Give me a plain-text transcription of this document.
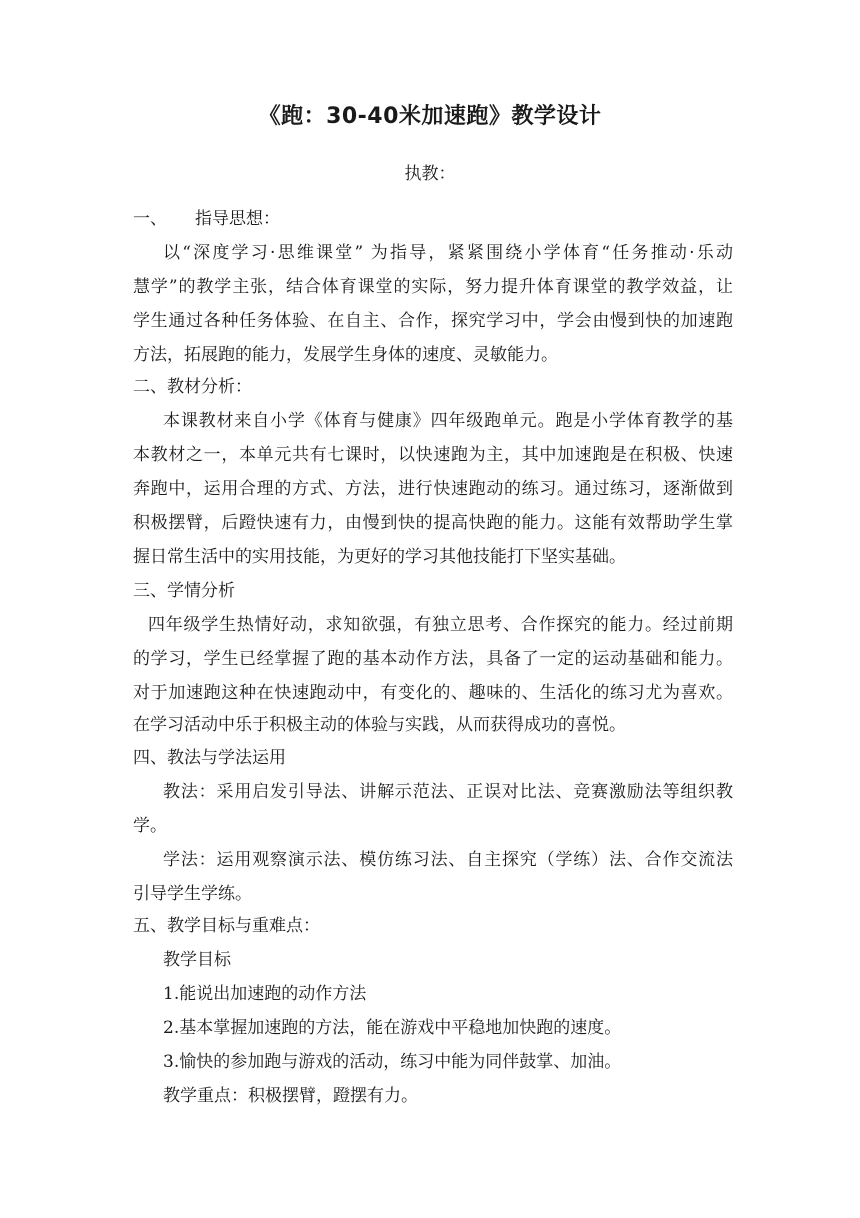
《跑：30-40米加速跑》教学设计
执教：
一、 指导思想：
以“深度学习·思维课堂” 为指导，紧紧围绕小学体育“任务推动·乐动
慧学”的教学主张，结合体育课堂的实际，努力提升体育课堂的教学效益，让
学生通过各种任务体验、在自主、合作，探究学习中，学会由慢到快的加速跑
方法，拓展跑的能力，发展学生身体的速度、灵敏能力。
二、教材分析：
本课教材来自小学《体育与健康》四年级跑单元。跑是小学体育教学的基
本教材之一，本单元共有七课时，以快速跑为主，其中加速跑是在积极、快速
奔跑中，运用合理的方式、方法，进行快速跑动的练习。通过练习，逐渐做到
积极摆臂，后蹬快速有力，由慢到快的提高快跑的能力。这能有效帮助学生掌
握日常生活中的实用技能，为更好的学习其他技能打下坚实基础。
三、学情分析
四年级学生热情好动，求知欲强，有独立思考、合作探究的能力。经过前期
的学习，学生已经掌握了跑的基本动作方法，具备了一定的运动基础和能力。
对于加速跑这种在快速跑动中，有变化的、趣味的、生活化的练习尤为喜欢。
在学习活动中乐于积极主动的体验与实践，从而获得成功的喜悦。
四、教法与学法运用
教法：采用启发引导法、讲解示范法、正误对比法、竞赛激励法等组织教
学。
学法：运用观察演示法、模仿练习法、自主探究（学练）法、合作交流法
引导学生学练。
五、教学目标与重难点：
教学目标
1.能说出加速跑的动作方法
2.基本掌握加速跑的方法，能在游戏中平稳地加快跑的速度。
3.愉快的参加跑与游戏的活动，练习中能为同伴鼓掌、加油。
教学重点：积极摆臂，蹬摆有力。
